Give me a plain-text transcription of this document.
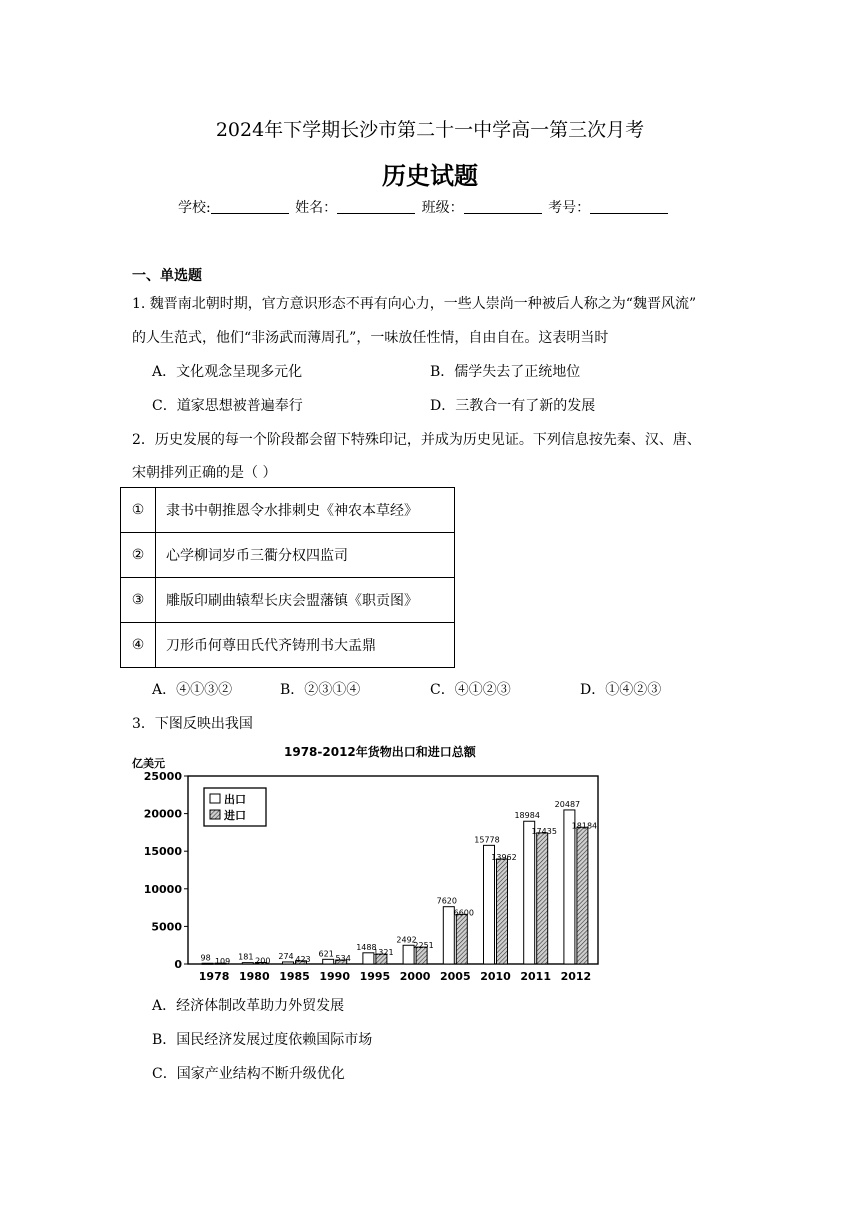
2024年下学期长沙市第二十一中学高一第三次月考
历史试题
学校:	姓名：	班级：	考号：
一、单选题
1. 魏晋南北朝时期，官方意识形态不再有向心力，一些人崇尚一种被后人称之为“魏晋风流”
的人生范式，他们“非汤武而薄周孔”，一味放任性情，自由自在。这表明当时
A．文化观念呈现多元化	B．儒学失去了正统地位
C．道家思想被普遍奉行	D．三教合一有了新的发展
2．历史发展的每一个阶段都会留下特殊印记，并成为历史见证。下列信息按先秦、汉、唐、
宋朝排列正确的是（ ）
①	隶书中朝推恩令水排刺史《神农本草经》
②	心学柳词岁币三衢分权四监司
③	雕版印刷曲辕犁长庆会盟藩镇《职贡图》
④	刀形币何尊田氏代齐铸刑书大盂鼎
A．④①③②	B．②③①④	C．④①②③	D．①④②③
3．下图反映出我国
1978-2012年货物出口和进口总额
亿美元
25000
20000
15000
10000
5000
0
98 109
1978
181 200
1980
274 423
1985
621
534
1990
1488
1321
1995
2492
2251
2000
7620
6600
2005
15778
13962
2010
18984
17435
2011
20487
18184
2012
出口
进口
A．经济体制改革助力外贸发展
B．国民经济发展过度依赖国际市场
C．国家产业结构不断升级优化
